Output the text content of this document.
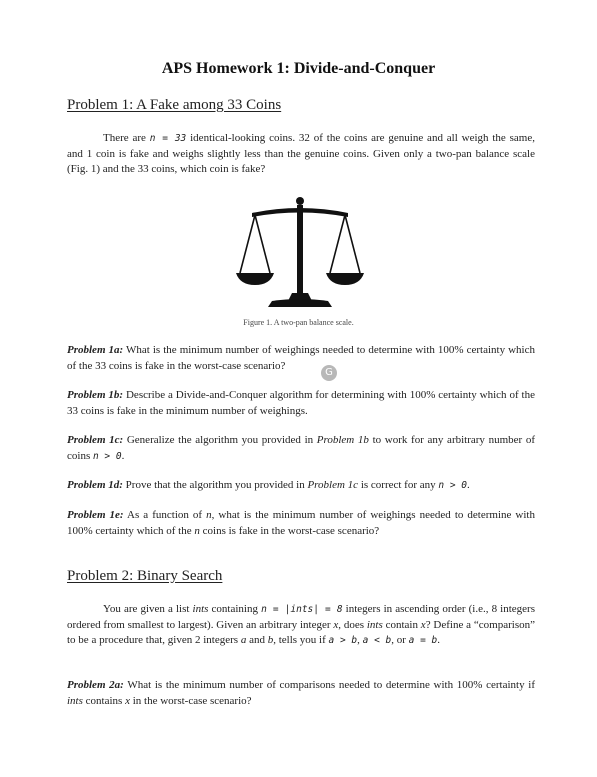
APS Homework 1: Divide-and-Conquer
Problem 1: A Fake among 33 Coins
There are n = 33 identical-looking coins. 32 of the coins are genuine and all weigh the same, and 1 coin is fake and weighs slightly less than the genuine coins. Given only a two-pan balance scale (Fig. 1) and the 33 coins, which coin is fake?
Figure 1. A two-pan balance scale.
Problem 1a: What is the minimum number of weighings needed to determine with 100% certainty which of the 33 coins is fake in the worst-case scenario?
G
Problem 1b: Describe a Divide-and-Conquer algorithm for determining with 100% certainty which of the 33 coins is fake in the minimum number of weighings.
Problem 1c: Generalize the algorithm you provided in Problem 1b to work for any arbitrary number of coins n > 0.
Problem 1d: Prove that the algorithm you provided in Problem 1c is correct for any n > 0.
Problem 1e: As a function of n, what is the minimum number of weighings needed to determine with 100% certainty which of the n coins is fake in the worst-case scenario?
Problem 2: Binary Search
You are given a list ints containing n = |ints| = 8 integers in ascending order (i.e., 8 integers ordered from smallest to largest). Given an arbitrary integer x, does ints contain x? Define a “comparison” to be a procedure that, given 2 integers a and b, tells you if a > b, a < b, or a = b.
Problem 2a: What is the minimum number of comparisons needed to determine with 100% certainty if ints contains x in the worst-case scenario?
